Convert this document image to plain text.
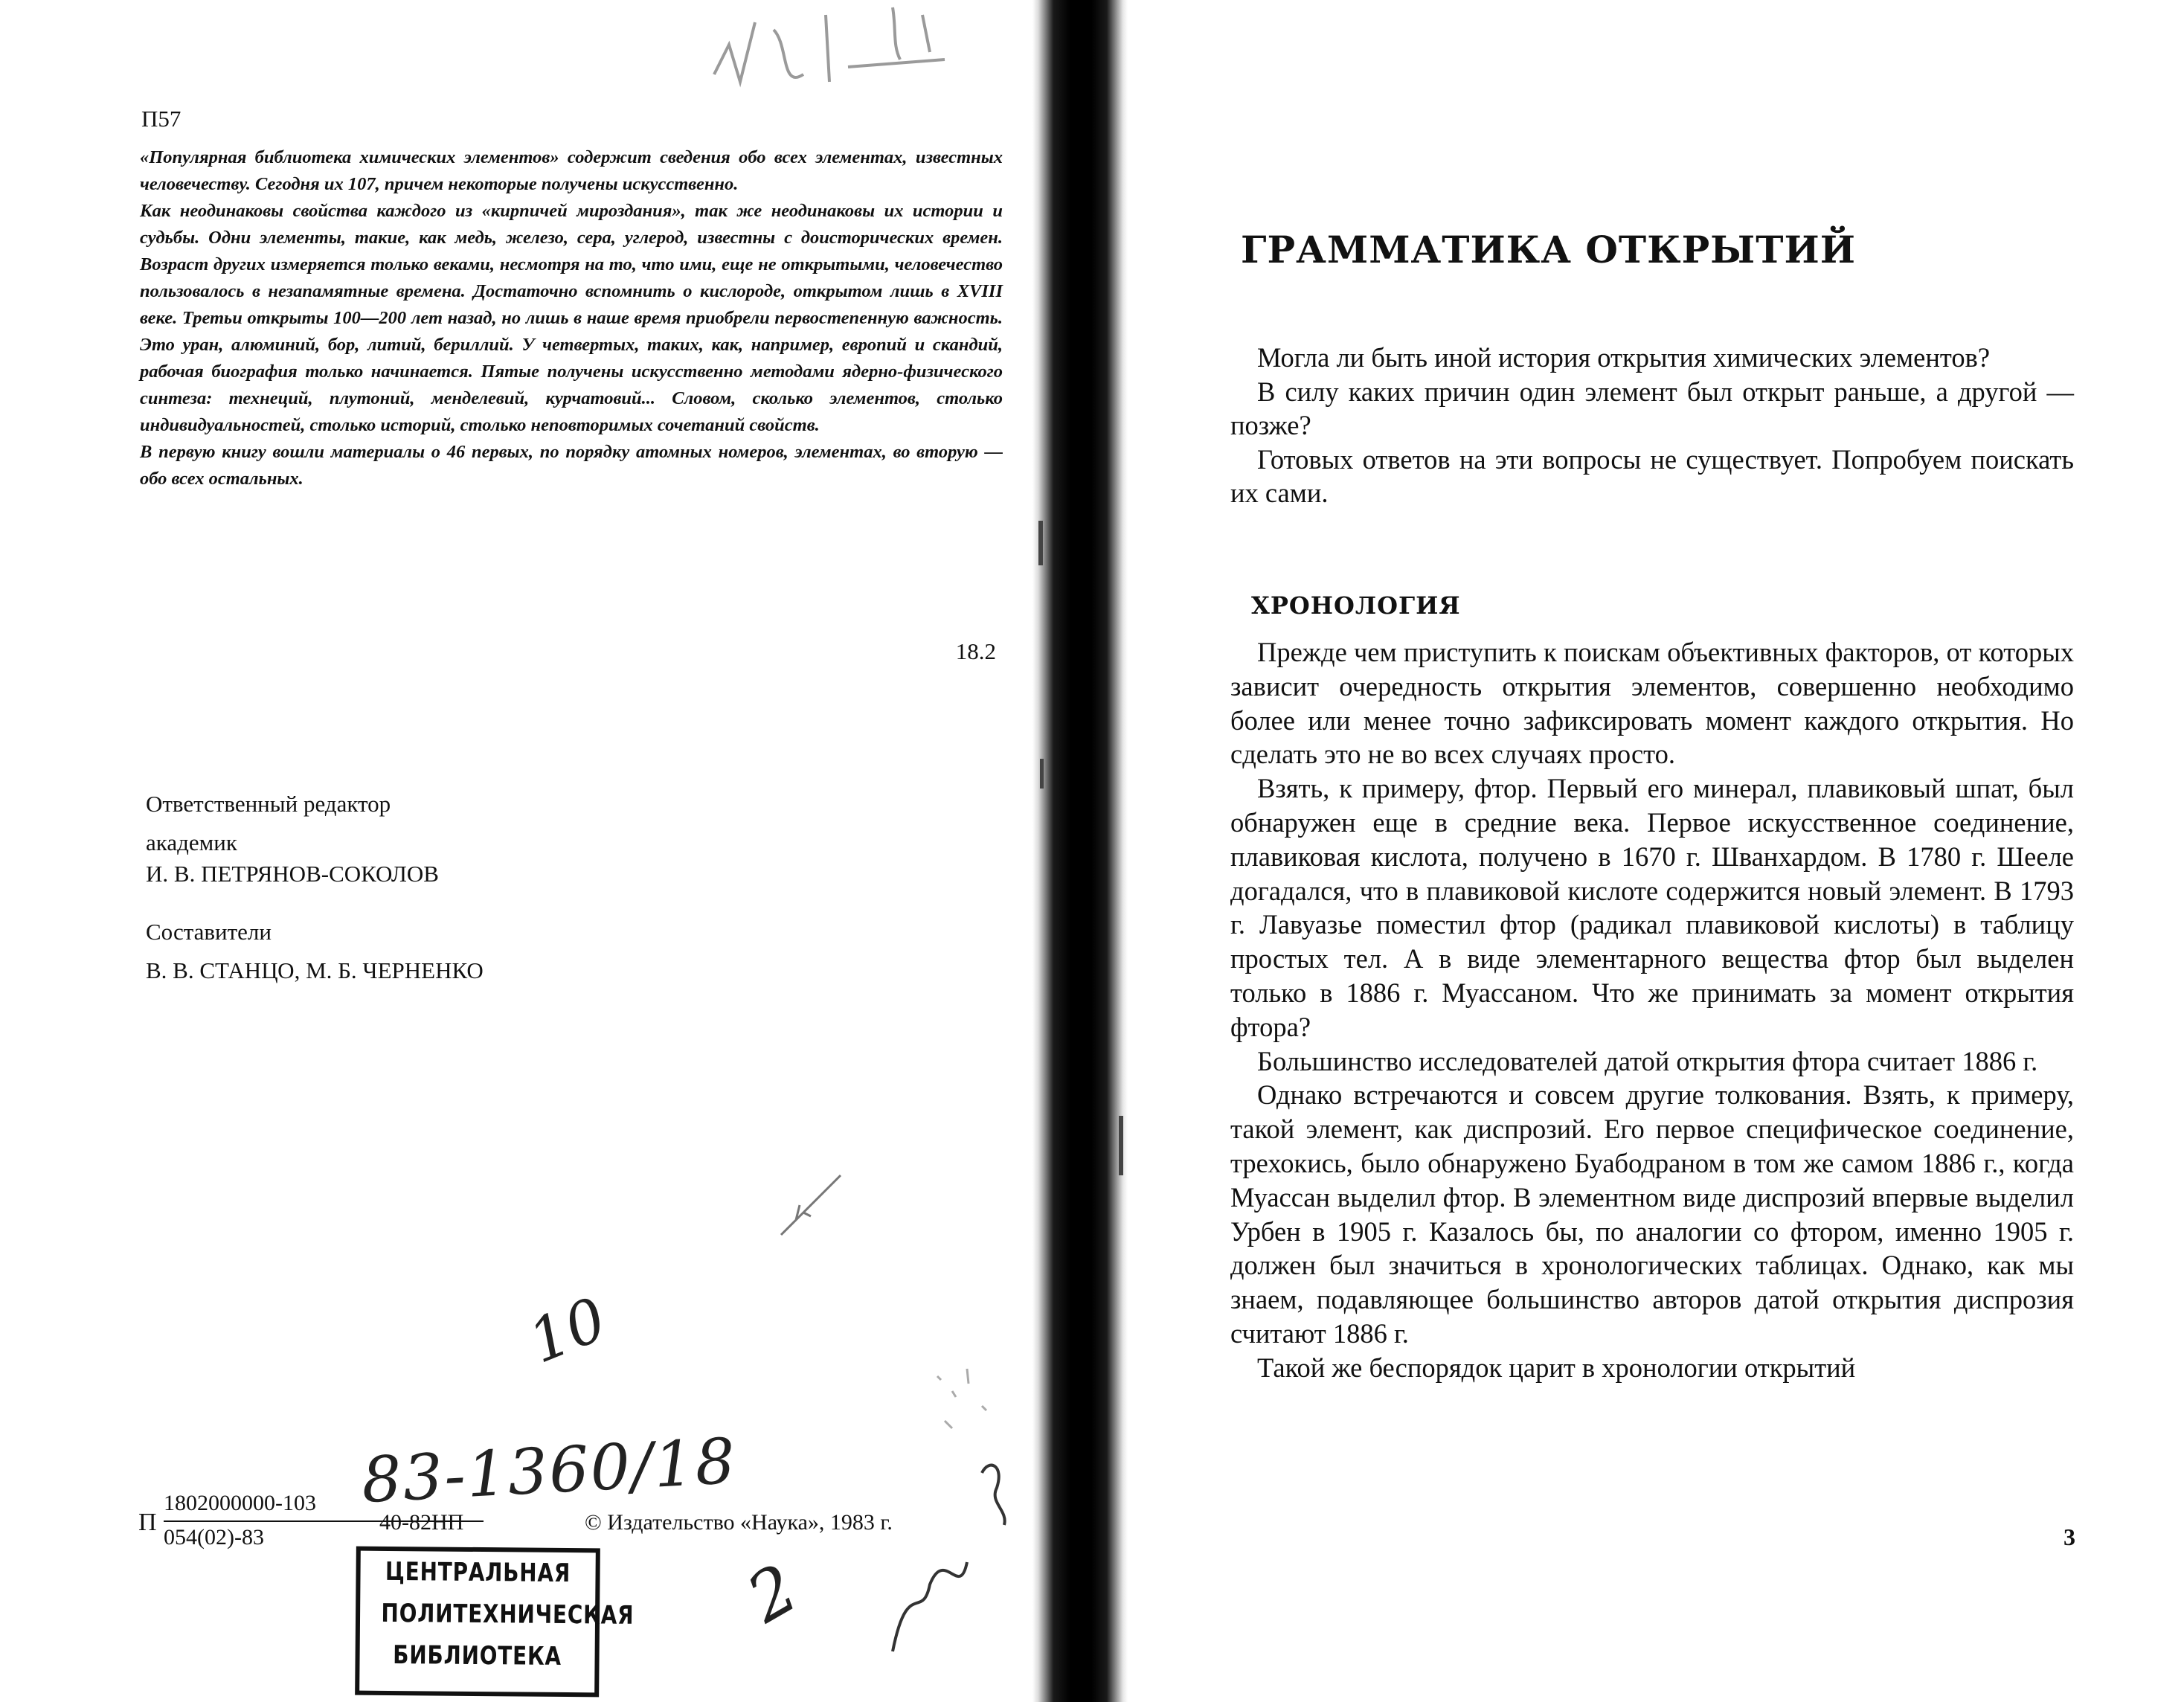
П57

«Популярная библиотека химических элементов» содержит сведения обо всех элементах, известных человечеству. Сегодня их 107, причем некоторые получены искусственно.

Как неодинаковы свойства каждого из «кирпичей мироздания», так же неодинаковы их истории и судьбы. Одни элементы, такие, как медь, железо, сера, углерод, известны с доисторических времен. Возраст других измеряется только веками, несмотря на то, что ими, еще не открытыми, человечество пользовалось в незапамятные времена. Достаточно вспомнить о кислороде, открытом лишь в XVIII веке. Третьи открыты 100—200 лет назад, но лишь в наше время приобрели первостепенную важность. Это уран, алюминий, бор, литий, бериллий. У четвертых, таких, как, например, европий и скандий, рабочая биография только начинается. Пятые получены искусственно методами ядерно-физического синтеза: технеций, плутоний, менделевий, курчатовий... Словом, сколько элементов, столько индивидуальностей, столько историй, столько неповторимых сочетаний свойств.

В первую книгу вошли материалы о 46 первых, по порядку атомных номеров, элементах, во вторую — обо всех остальных.

18.2
Ответственный редактор
академик
И. В. ПЕТРЯНОВ-СОКОЛОВ
Составители
В. В. СТАНЦО, М. Б. ЧЕРНЕНКО
83-1360/18
10
2
П
1802000000-103
054(02)-83
40-82НП	© Издательство «Наука», 1983 г.
ЦЕНТРАЛЬНАЯ
ПОЛИТЕХНИЧЕСКАЯ
БИБЛИОТЕКА
ГРАММАТИКА ОТКРЫТИЙ

Могла ли быть иной история открытия химических элементов?

В силу каких причин один элемент был открыт раньше, а другой — позже?

Готовых ответов на эти вопросы не существует. Попробуем поискать их сами.

ХРОНОЛОГИЯ

Прежде чем приступить к поискам объективных факторов, от которых зависит очередность открытия элементов, совершенно необходимо более или менее точно зафиксировать момент каждого открытия. Но сделать это не во всех случаях просто.

Взять, к примеру, фтор. Первый его минерал, плавиковый шпат, был обнаружен еще в средние века. Первое искусственное соединение, плавиковая кислота, получено в 1670 г. Шванхардом. В 1780 г. Шееле догадался, что в плавиковой кислоте содержится новый элемент. В 1793 г. Лавуазье поместил фтор (радикал плавиковой кислоты) в таблицу простых тел. А в виде элементарного вещества фтор был выделен только в 1886 г. Муассаном. Что же принимать за момент открытия фтора?

Большинство исследователей датой открытия фтора считает 1886 г.

Однако встречаются и совсем другие толкования. Взять, к примеру, такой элемент, как диспрозий. Его первое специфическое соединение, трехокись, было обнаружено Буабодраном в том же самом 1886 г., когда Муассан выделил фтор. В элементном виде диспрозий впервые выделил Урбен в 1905 г. Казалось бы, по аналогии со фтором, именно 1905 г. должен был значиться в хронологических таблицах. Однако, как мы знаем, подавляющее большинство авторов датой открытия диспрозия считают 1886 г.

Такой же беспорядок царит в хронологии открытий

3
